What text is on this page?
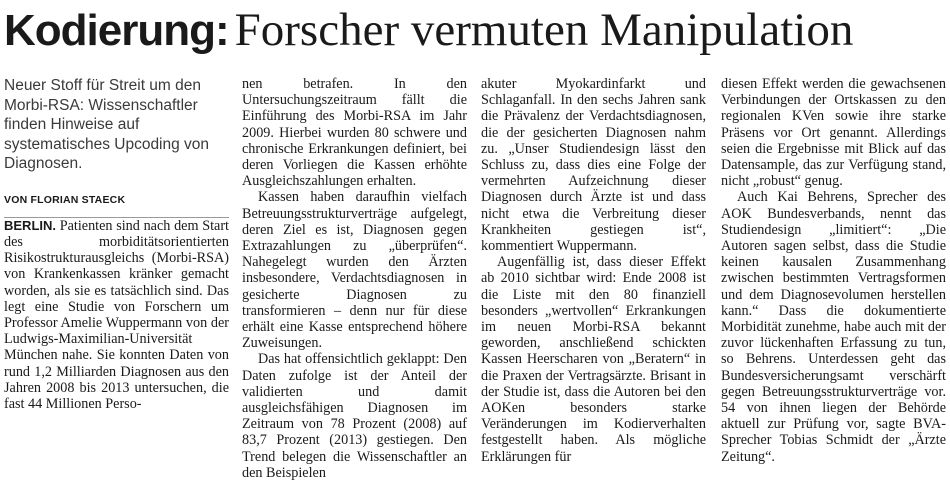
Kodierung: Forscher vermuten Manipulation

Neuer Stoff für Streit um den Morbi-RSA: Wissenschaftler finden Hinweise auf systematisches Upcoding von Diagnosen.

VON FLORIAN STAECK

BERLIN. Patienten sind nach dem Start des morbiditätsorientierten Risikostrukturausgleichs (Morbi-RSA) von Krankenkassen kränker gemacht worden, als sie es tatsächlich sind. Das legt eine Studie von Forschern um Professor Amelie Wuppermann von der Ludwigs-Maximilian-Universität München nahe. Sie konnten Daten von rund 1,2 Milliarden Diagnosen aus den Jahren 2008 bis 2013 untersuchen, die fast 44 Millionen Perso-

nen betrafen. In den Untersuchungszeitraum fällt die Einführung des Morbi-RSA im Jahr 2009. Hierbei wurden 80 schwere und chronische Erkrankungen definiert, bei deren Vorliegen die Kassen erhöhte Ausgleichszahlungen erhalten.

Kassen haben daraufhin vielfach Betreuungsstrukturverträge aufgelegt, deren Ziel es ist, Diagnosen gegen Extrazahlungen zu „überprüfen“. Nahegelegt wurden den Ärzten insbesondere, Verdachtsdiagnosen in gesicherte Diagnosen zu transformieren – denn nur für diese erhält eine Kasse entsprechend höhere Zuweisungen.

Das hat offensichtlich geklappt: Den Daten zufolge ist der Anteil der validierten und damit ausgleichsfähigen Diagnosen im Zeitraum von 78 Prozent (2008) auf 83,7 Prozent (2013) gestiegen. Den Trend belegen die Wissenschaftler an den Beispielen

akuter Myokardinfarkt und Schlaganfall. In den sechs Jahren sank die Prävalenz der Verdachtsdiagnosen, die der gesicherten Diagnosen nahm zu. „Unser Studiendesign lässt den Schluss zu, dass dies eine Folge der vermehrten Aufzeichnung dieser Diagnosen durch Ärzte ist und dass nicht etwa die Verbreitung dieser Krankheiten gestiegen ist“, kommentiert Wuppermann.

Augenfällig ist, dass dieser Effekt ab 2010 sichtbar wird: Ende 2008 ist die Liste mit den 80 finanziell besonders „wertvollen“ Erkrankungen im neuen Morbi-RSA bekannt geworden, anschließend schickten Kassen Heerscharen von „Beratern“ in die Praxen der Vertragsärzte. Brisant in der Studie ist, dass die Autoren bei den AOKen besonders starke Veränderungen im Kodierverhalten festgestellt haben. Als mögliche Erklärungen für

diesen Effekt werden die gewachsenen Verbindungen der Ortskassen zu den regionalen KVen sowie ihre starke Präsens vor Ort genannt. Allerdings seien die Ergebnisse mit Blick auf das Datensample, das zur Verfügung stand, nicht „robust“ genug.

Auch Kai Behrens, Sprecher des AOK Bundesverbands, nennt das Studiendesign „limitiert“: „Die Autoren sagen selbst, dass die Studie keinen kausalen Zusammenhang zwischen bestimmten Vertragsformen und dem Diagnosevolumen herstellen kann.“ Dass die dokumentierte Morbidität zunehme, habe auch mit der zuvor lückenhaften Erfassung zu tun, so Behrens. Unterdessen geht das Bundesversicherungsamt verschärft gegen Betreuungsstrukturverträge vor. 54 von ihnen liegen der Behörde aktuell zur Prüfung vor, sagte BVA-Sprecher Tobias Schmidt der „Ärzte Zeitung“.
